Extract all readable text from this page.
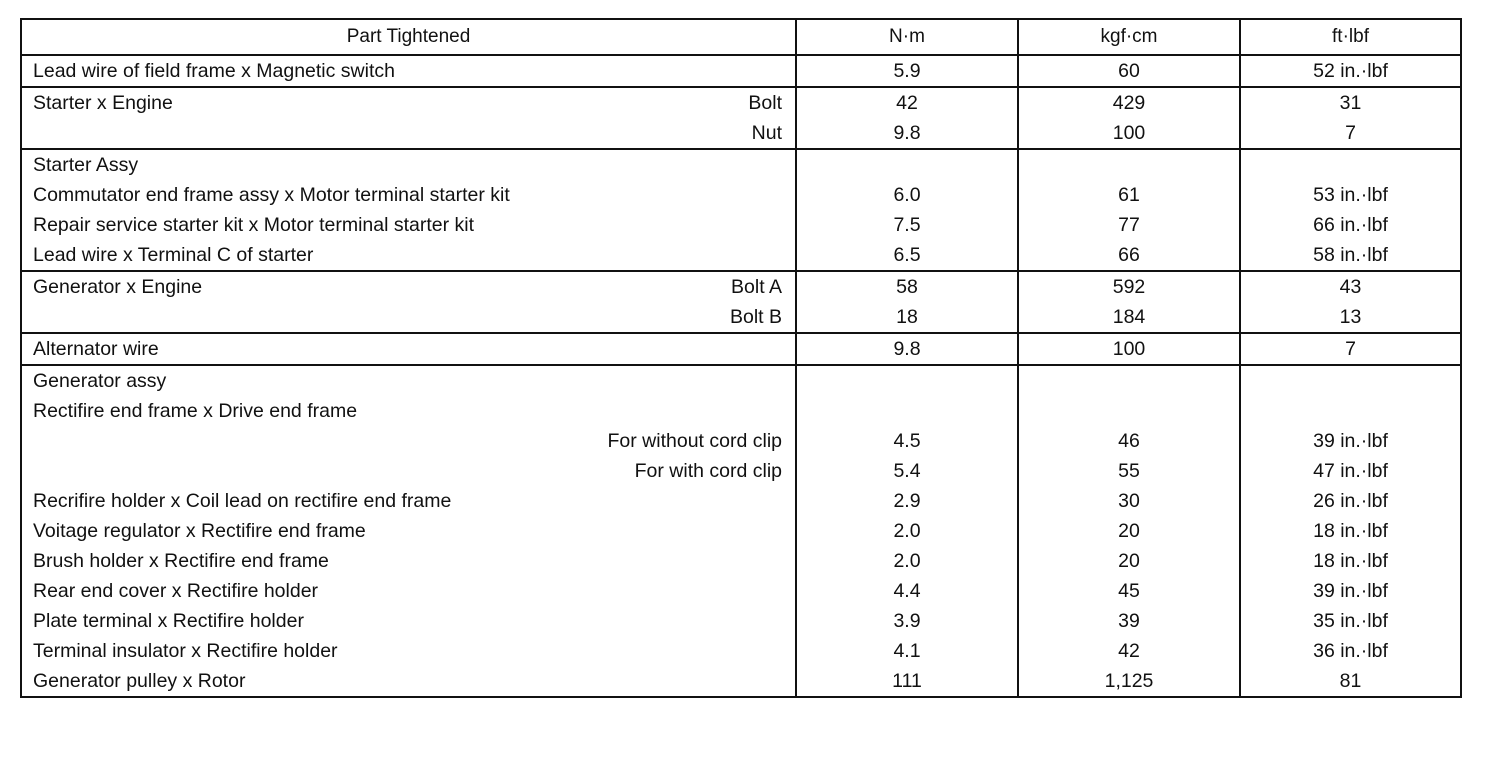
Part Tightened	N·m	kgf·cm	ft·lbf

Lead wire of field frame x Magnetic switch	5.9	60	52 in.·lbf

Starter x Engine Bolt	42	429	31

Nut	9.8	100	7

Starter Assy			

Commutator end frame assy x Motor terminal starter kit	6.0	61	53 in.·lbf

Repair service starter kit x Motor terminal starter kit	7.5	77	66 in.·lbf

Lead wire x Terminal C of starter	6.5	66	58 in.·lbf

Generator x Engine Bolt A	58	592	43

Bolt B	18	184	13

Alternator wire	9.8	100	7

Generator assy			

Rectifire end frame x Drive end frame			

For without cord clip	4.5	46	39 in.·lbf

For with cord clip	5.4	55	47 in.·lbf

Recrifire holder x Coil lead on rectifire end frame	2.9	30	26 in.·lbf

Voitage regulator x Rectifire end frame	2.0	20	18 in.·lbf

Brush holder x Rectifire end frame	2.0	20	18 in.·lbf

Rear end cover x Rectifire holder	4.4	45	39 in.·lbf

Plate terminal x Rectifire holder	3.9	39	35 in.·lbf

Terminal insulator x Rectifire holder	4.1	42	36 in.·lbf

Generator pulley x Rotor	111	1,125	81
